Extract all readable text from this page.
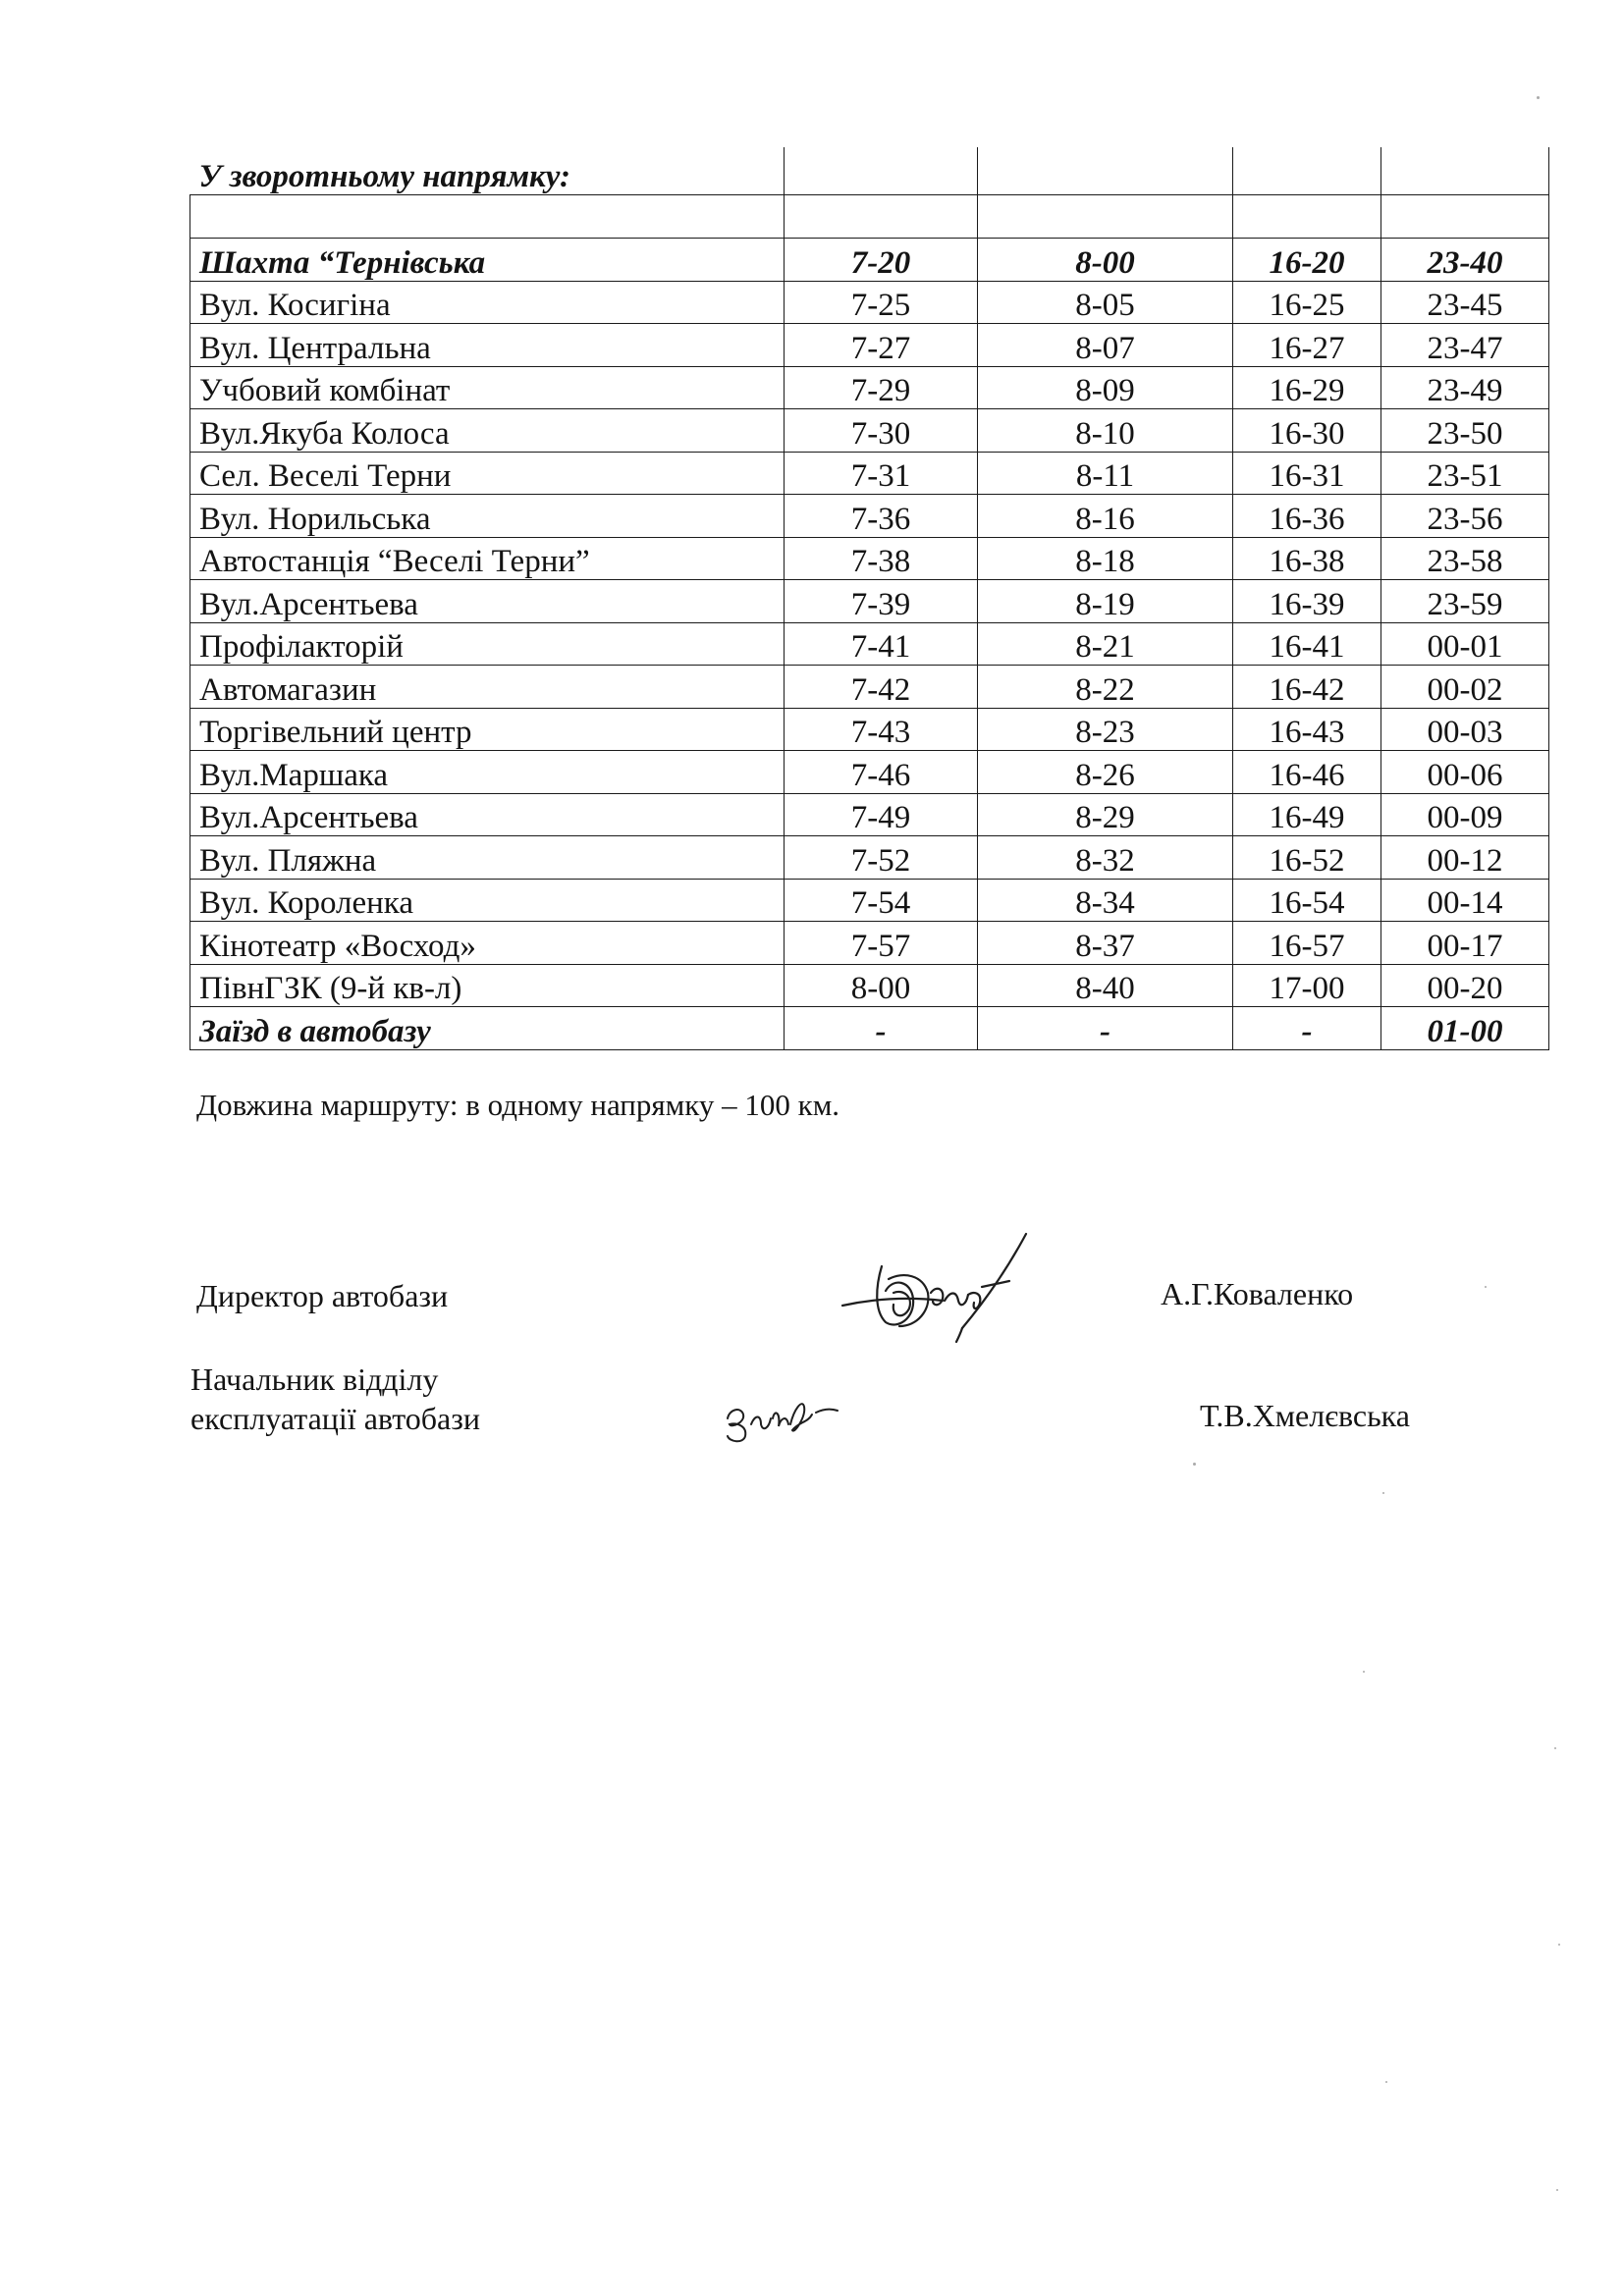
У зворотньому напрямку:				

Шахта “Тернівська	7-20	8-00	16-20	23-40
Вул. Косигіна	7-25	8-05	16-25	23-45
Вул. Центральна	7-27	8-07	16-27	23-47
Учбовий комбінат	7-29	8-09	16-29	23-49
Вул.Якуба Колоса	7-30	8-10	16-30	23-50
Сел. Веселі Терни	7-31	8-11	16-31	23-51
Вул. Норильська	7-36	8-16	16-36	23-56
Автостанція “Веселі Терни”	7-38	8-18	16-38	23-58
Вул.Арсентьева	7-39	8-19	16-39	23-59
Профілакторій	7-41	8-21	16-41	00-01
Автомагазин	7-42	8-22	16-42	00-02
Торгівельний центр	7-43	8-23	16-43	00-03
Вул.Маршака	7-46	8-26	16-46	00-06
Вул.Арсентьева	7-49	8-29	16-49	00-09
Вул. Пляжна	7-52	8-32	16-52	00-12
Вул. Короленка	7-54	8-34	16-54	00-14
Кінотеатр «Восход»	7-57	8-37	16-57	00-17
ПівнГЗК (9-й кв-л)	8-00	8-40	17-00	00-20
Заїзд в автобазу	-	-	-	01-00
Довжина маршруту: в одному напрямку – 100 км.
Директор автобази	А.Г.Коваленко
Начальник відділу
експлуатації автобази	Т.В.Хмелєвська
